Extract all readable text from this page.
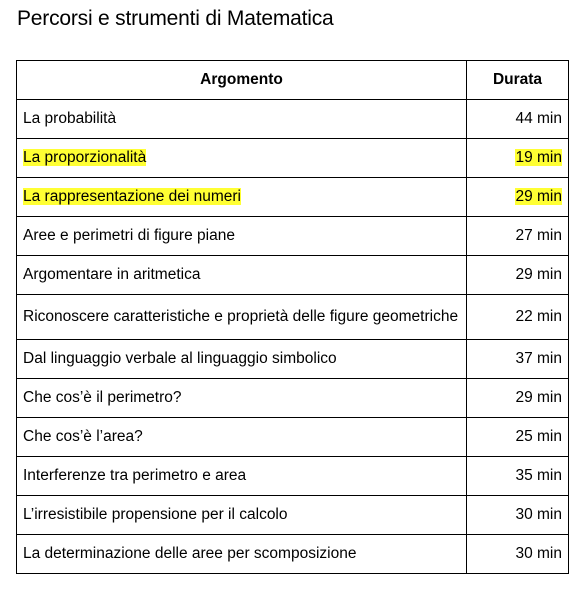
Percorsi e strumenti di Matematica
Argomento	Durata
La probabilità	44 min
La proporzionalità	19 min
La rappresentazione dei numeri	29 min
Aree e perimetri di figure piane	27 min
Argomentare in aritmetica	29 min
Riconoscere caratteristiche e proprietà delle figure geometriche	22 min
Dal linguaggio verbale al linguaggio simbolico	37 min
Che cos’è il perimetro?	29 min
Che cos’è l’area?	25 min
Interferenze tra perimetro e area	35 min
L’irresistibile propensione per il calcolo	30 min
La determinazione delle aree per scomposizione	30 min
